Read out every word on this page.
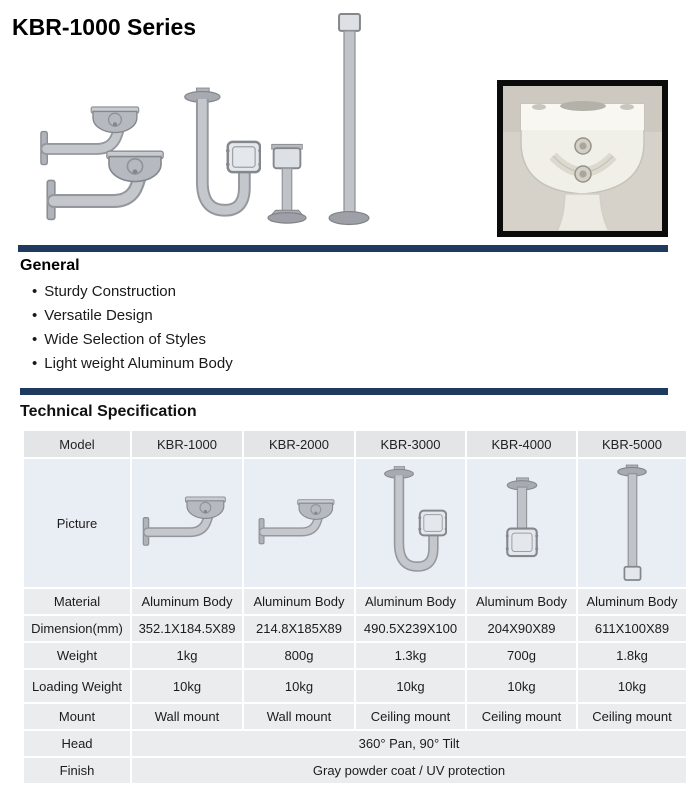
KBR-1000 Series
General
• Sturdy Construction
• Versatile Design
• Wide Selection of Styles
• Light weight Aluminum Body
Technical Specification
Model	KBR-1000	KBR-2000	KBR-3000	KBR-4000	KBR-5000
Picture	

Material	Aluminum Body	Aluminum Body	Aluminum Body	Aluminum Body	Aluminum Body
Dimension(mm)	352.1X184.5X89	214.8X185X89	490.5X239X100	204X90X89	611X100X89
Weight	1kg	800g	1.3kg	700g	1.8kg
Loading Weight	10kg	10kg	10kg	10kg	10kg
Mount	Wall mount	Wall mount	Ceiling mount	Ceiling mount	Ceiling mount
Head	360° Pan, 90° Tilt				
Finish	Gray powder coat / UV protection				
